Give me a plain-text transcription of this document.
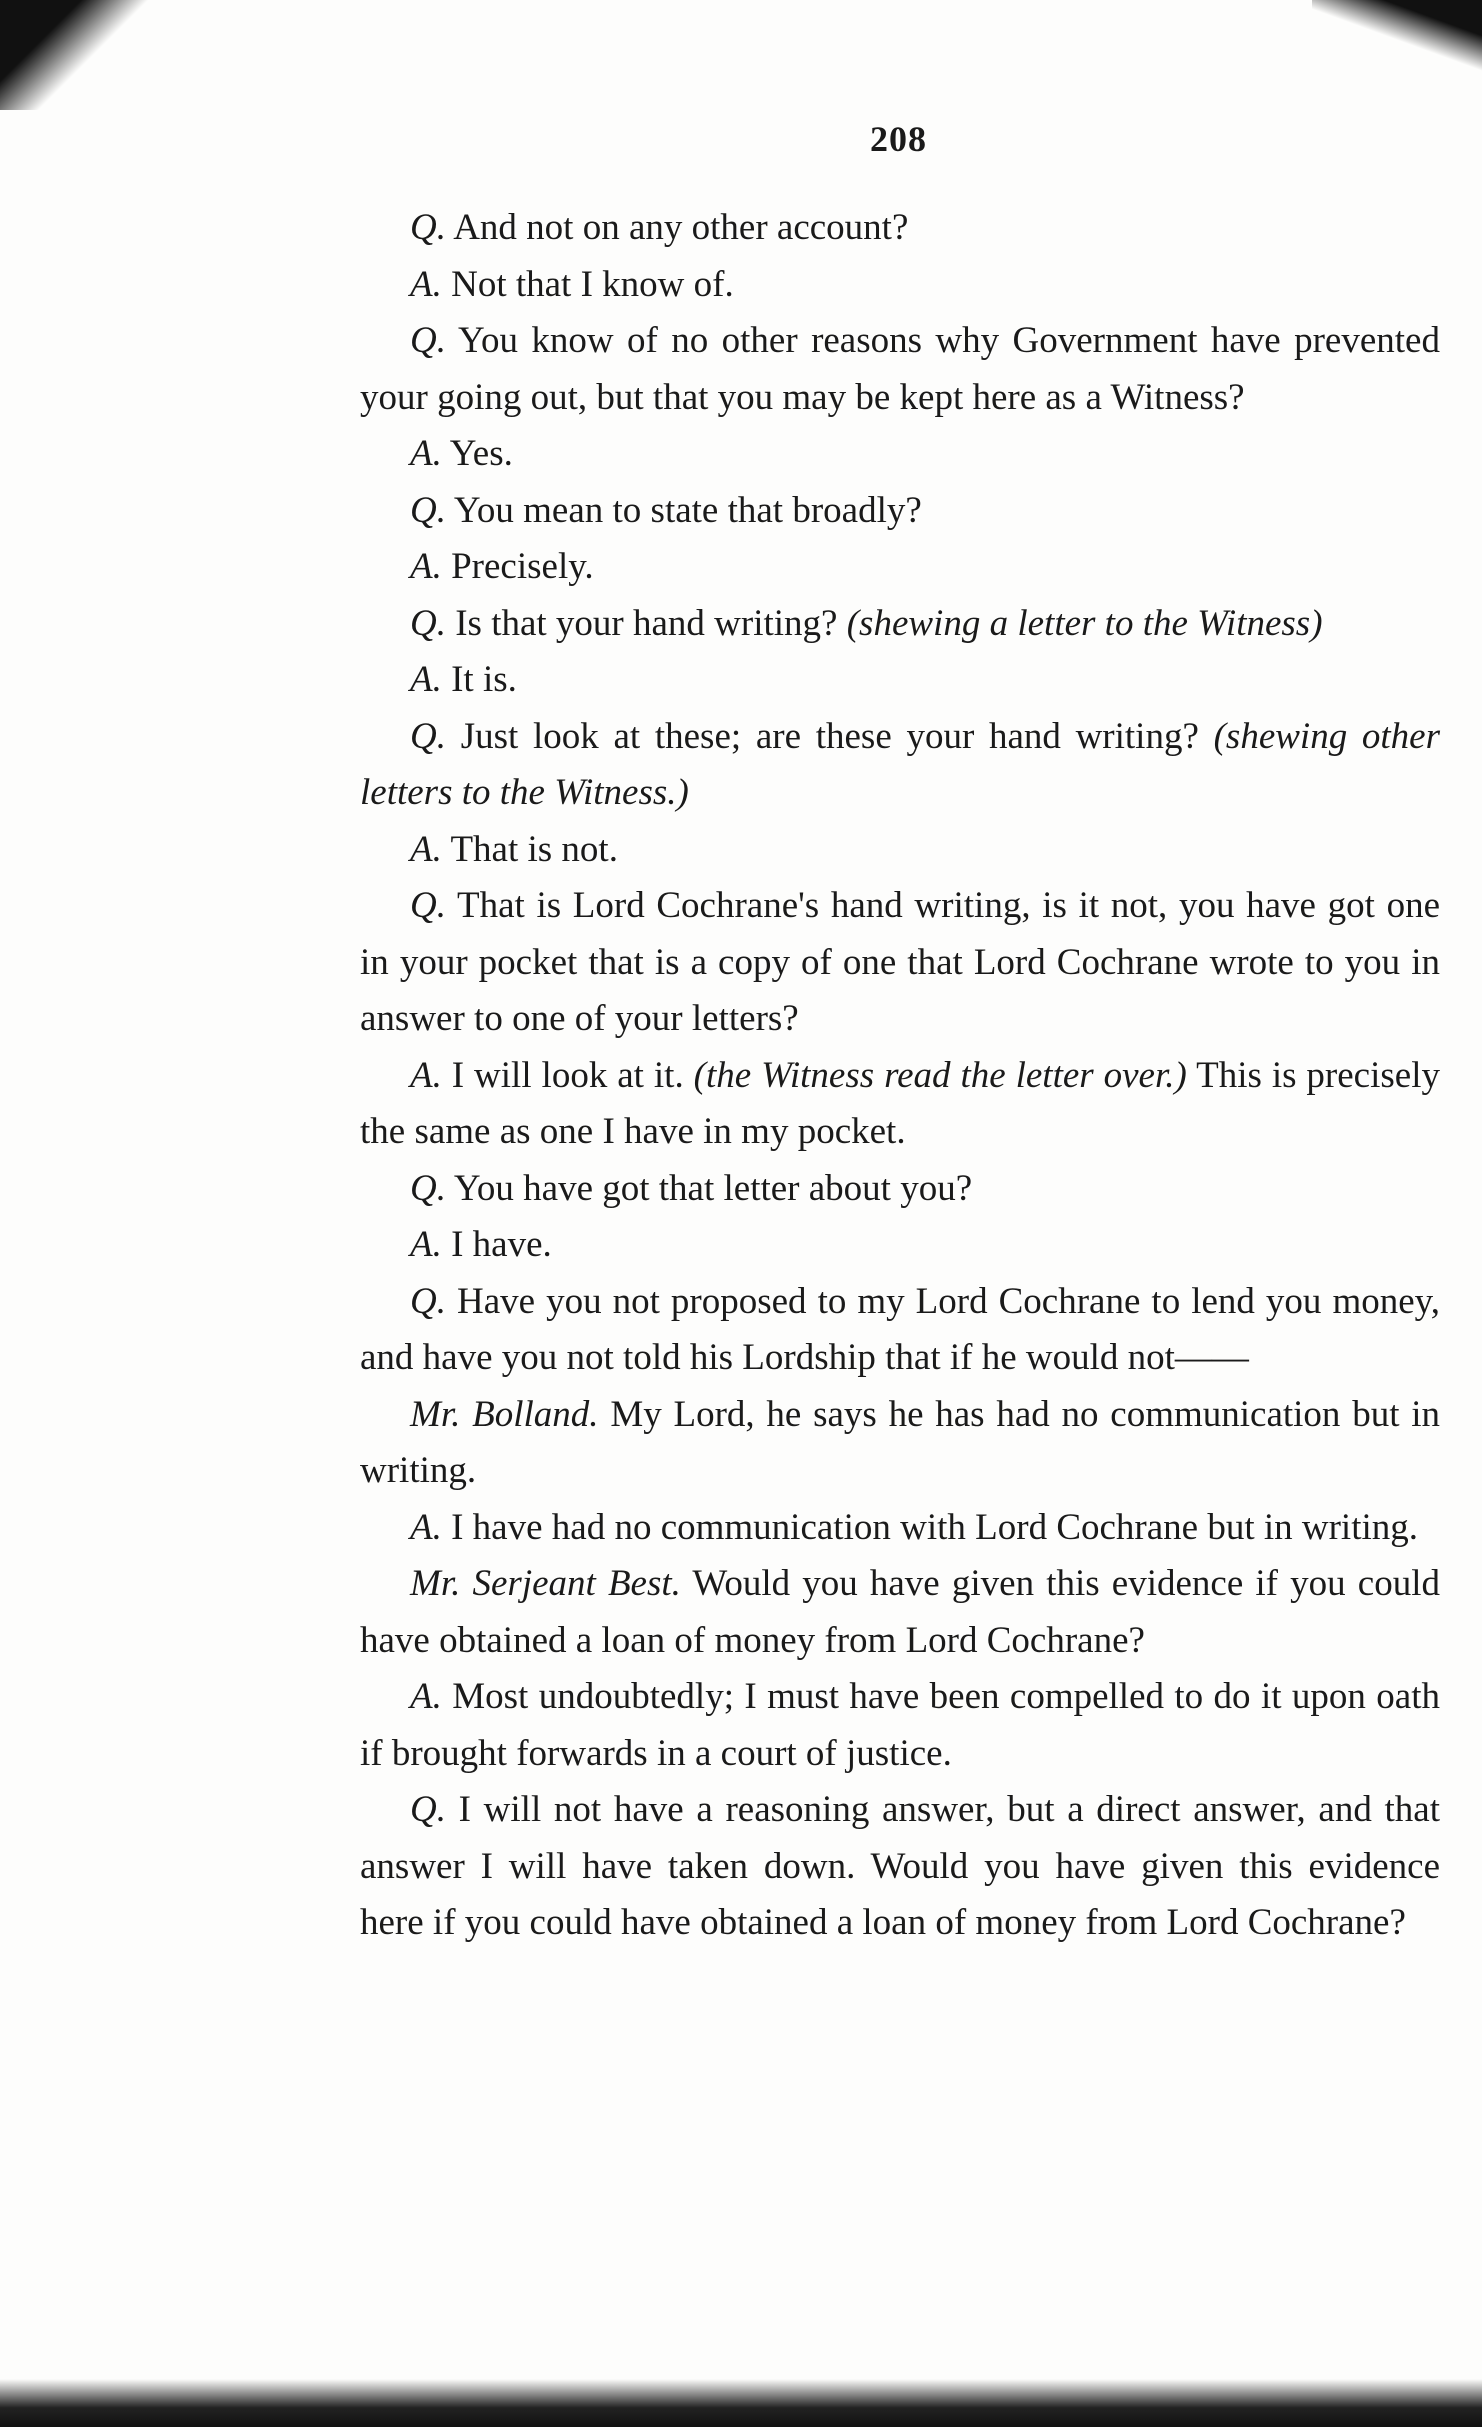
208

Q. And not on any other account?

A. Not that I know of.

Q. You know of no other reasons why Government have prevented your going out, but that you may be kept here as a Witness?

A. Yes.

Q. You mean to state that broadly?

A. Precisely.

Q. Is that your hand writing? (shewing a letter to the Witness)

A. It is.

Q. Just look at these; are these your hand writing? (shewing other letters to the Witness.)

A. That is not.

Q. That is Lord Cochrane's hand writing, is it not, you have got one in your pocket that is a copy of one that Lord Cochrane wrote to you in answer to one of your letters?

A. I will look at it. (the Witness read the letter over.) This is precisely the same as one I have in my pocket.

Q. You have got that letter about you?

A. I have.

Q. Have you not proposed to my Lord Cochrane to lend you money, and have you not told his Lordship that if he would not——

Mr. Bolland. My Lord, he says he has had no communication but in writing.

A. I have had no communication with Lord Cochrane but in writing.

Mr. Serjeant Best. Would you have given this evidence if you could have obtained a loan of money from Lord Cochrane?

A. Most undoubtedly; I must have been compelled to do it upon oath if brought forwards in a court of justice.

Q. I will not have a reasoning answer, but a direct answer, and that answer I will have taken down. Would you have given this evidence here if you could have obtained a loan of money from Lord Cochrane?
